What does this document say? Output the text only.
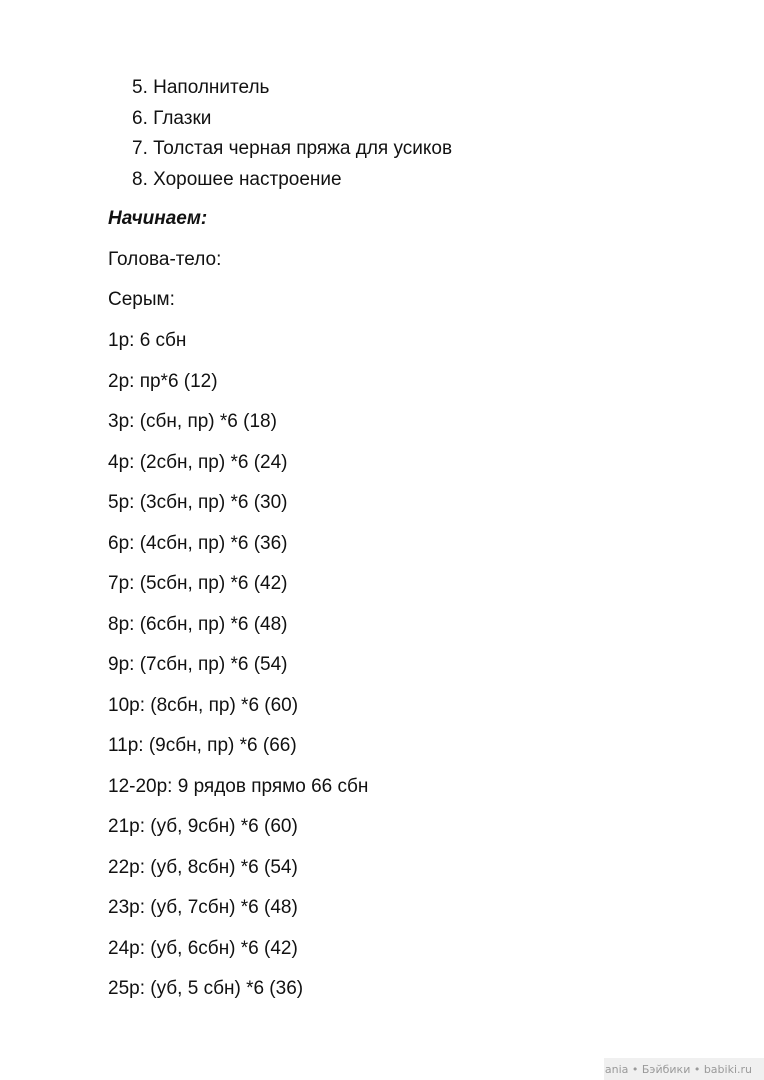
5. Наполнитель
6. Глазки
7. Толстая черная пряжа для усиков
8. Хорошее настроение
Начинаем:
Голова-тело:
Серым:
1р: 6 сбн
2р: пр*6 (12)
3р: (сбн, пр) *6 (18)
4р: (2сбн, пр) *6 (24)
5р: (3сбн, пр) *6 (30)
6р: (4сбн, пр) *6 (36)
7р: (5сбн, пр) *6 (42)
8р: (6сбн, пр) *6 (48)
9р: (7сбн, пр) *6 (54)
10р: (8сбн, пр) *6 (60)
11р: (9сбн, пр) *6 (66)
12-20р: 9 рядов прямо 66 сбн
21р: (уб, 9сбн) *6 (60)
22р: (уб, 8сбн) *6 (54)
23р: (уб, 7сбн) *6 (48)
24р: (уб, 6сбн) *6 (42)
25р: (уб, 5 сбн) *6 (36)
ania • Бэйбики • babiki.ru
